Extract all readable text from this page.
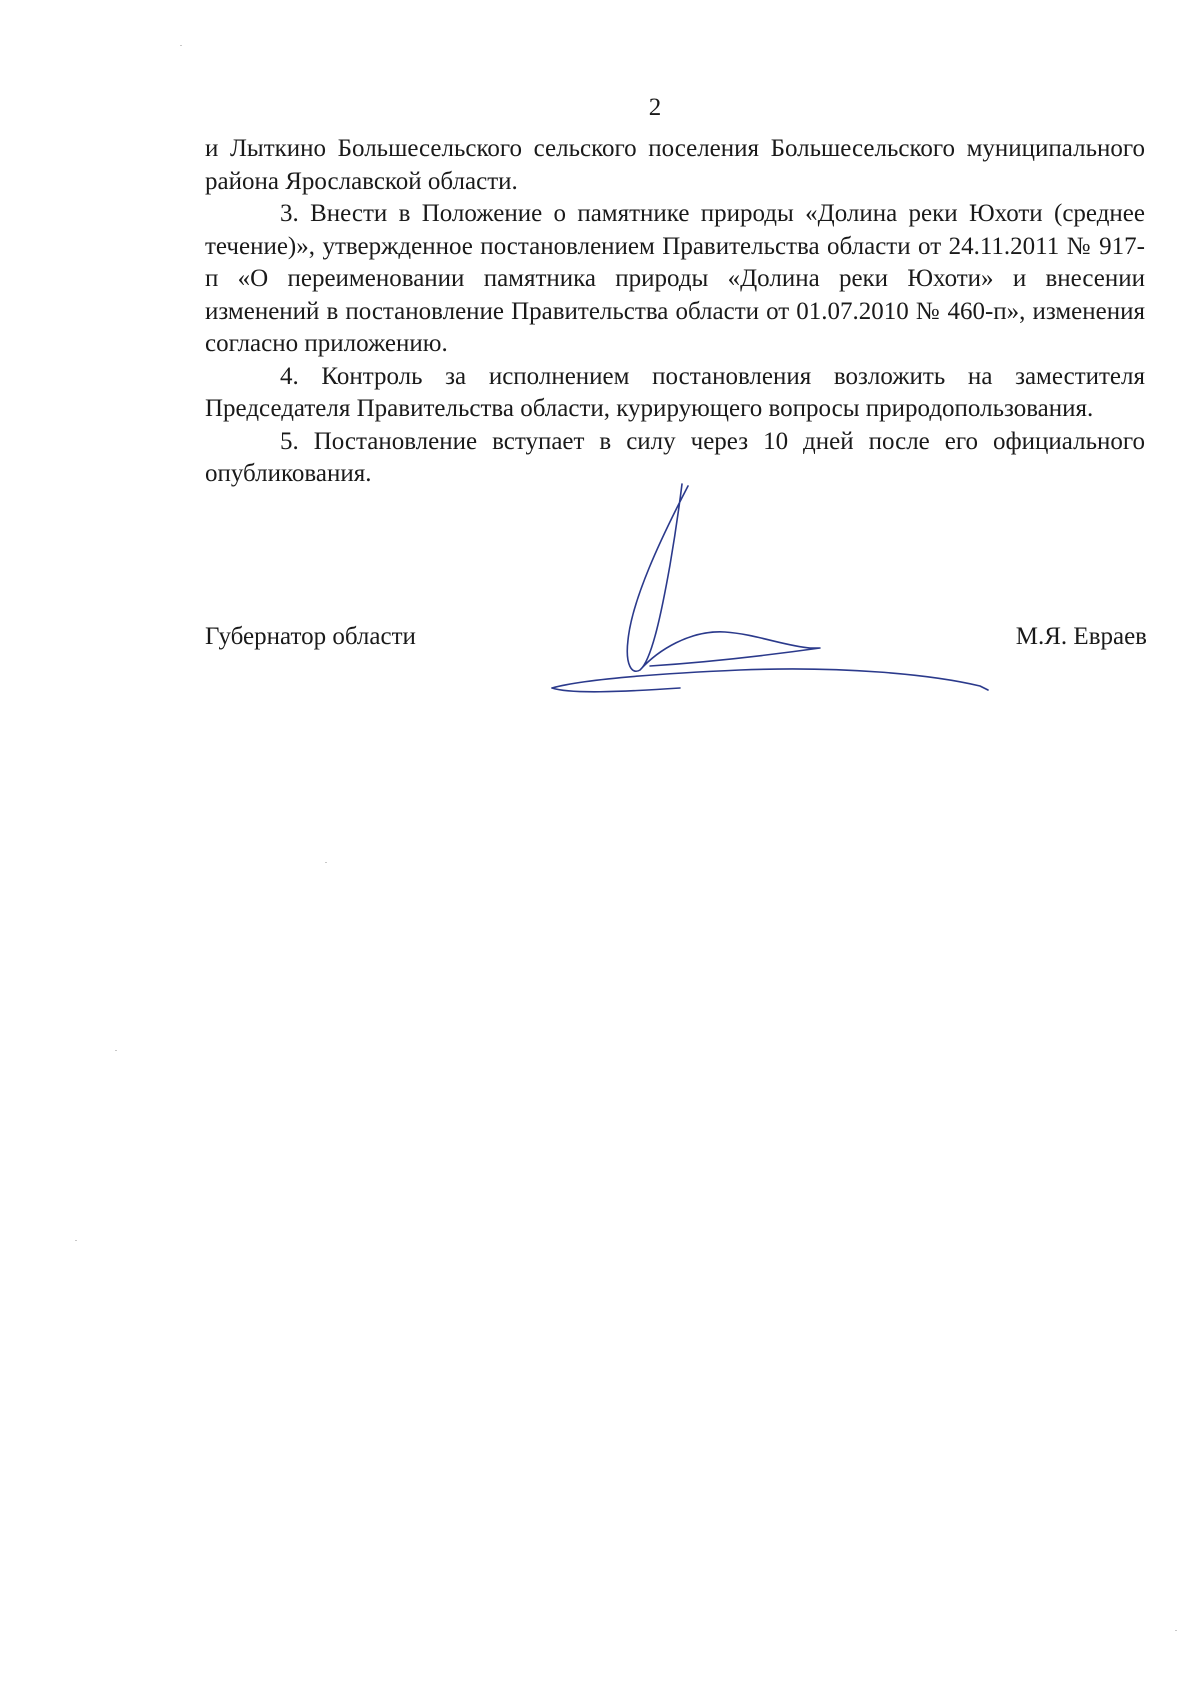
2

и Лыткино Большесельского сельского поселения Большесельского муниципального района Ярославской области.

3. Внести в Положение о памятнике природы «Долина реки Юхоти (среднее течение)», утвержденное постановлением Правительства области от 24.11.2011 № 917-п «О переименовании памятника природы «Долина реки Юхоти» и внесении изменений в постановление Правительства области от 01.07.2010 № 460-п», изменения согласно приложению.

4. Контроль за исполнением постановления возложить на заместителя Председателя Правительства области, курирующего вопросы природопользования.

5. Постановление вступает в силу через 10 дней после его официального опубликования.

Губернатор области	М.Я. Евраев
